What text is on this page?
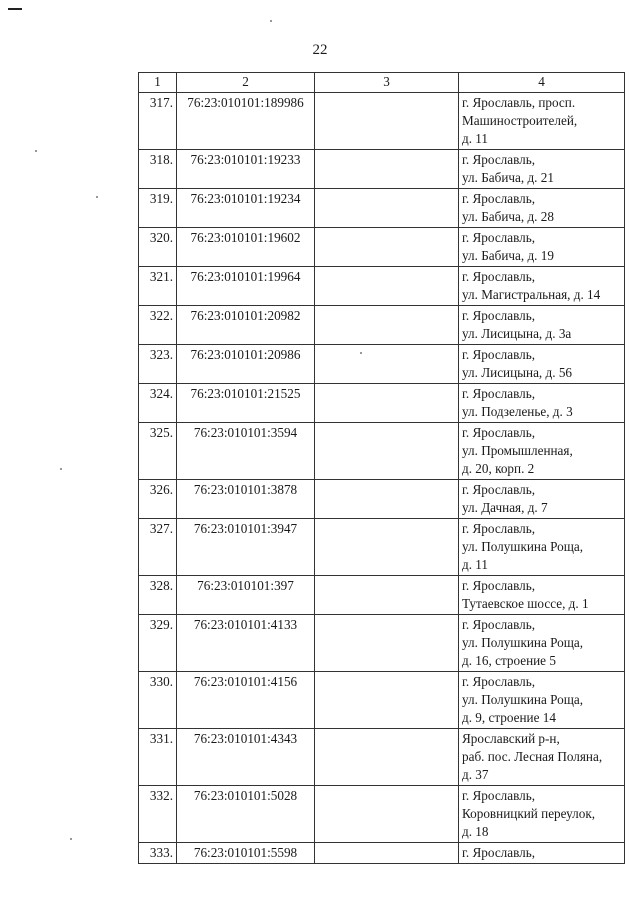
22
1	2	3	4
317.	76:23:010101:189986		г. Ярославль, просп.
Машиностроителей,
д. 11

318.	76:23:010101:19233		г. Ярославль,
ул. Бабича, д. 21

319.	76:23:010101:19234		г. Ярославль,
ул. Бабича, д. 28

320.	76:23:010101:19602		г. Ярославль,
ул. Бабича, д. 19

321.	76:23:010101:19964		г. Ярославль,
ул. Магистральная, д. 14

322.	76:23:010101:20982		г. Ярославль,
ул. Лисицына, д. 3а

323.	76:23:010101:20986		г. Ярославль,
ул. Лисицына, д. 56

324.	76:23:010101:21525		г. Ярославль,
ул. Подзеленье, д. 3

325.	76:23:010101:3594		г. Ярославль,
ул. Промышленная,
д. 20, корп. 2

326.	76:23:010101:3878		г. Ярославль,
ул. Дачная, д. 7

327.	76:23:010101:3947		г. Ярославль,
ул. Полушкина Роща,
д. 11

328.	76:23:010101:397		г. Ярославль,
Тутаевское шоссе, д. 1

329.	76:23:010101:4133		г. Ярославль,
ул. Полушкина Роща,
д. 16, строение 5

330.	76:23:010101:4156		г. Ярославль,
ул. Полушкина Роща,
д. 9, строение 14

331.	76:23:010101:4343		Ярославский р-н,
раб. пос. Лесная Поляна,
д. 37

332.	76:23:010101:5028		г. Ярославль,
Коровницкий переулок,
д. 18

333.	76:23:010101:5598		г. Ярославль,
